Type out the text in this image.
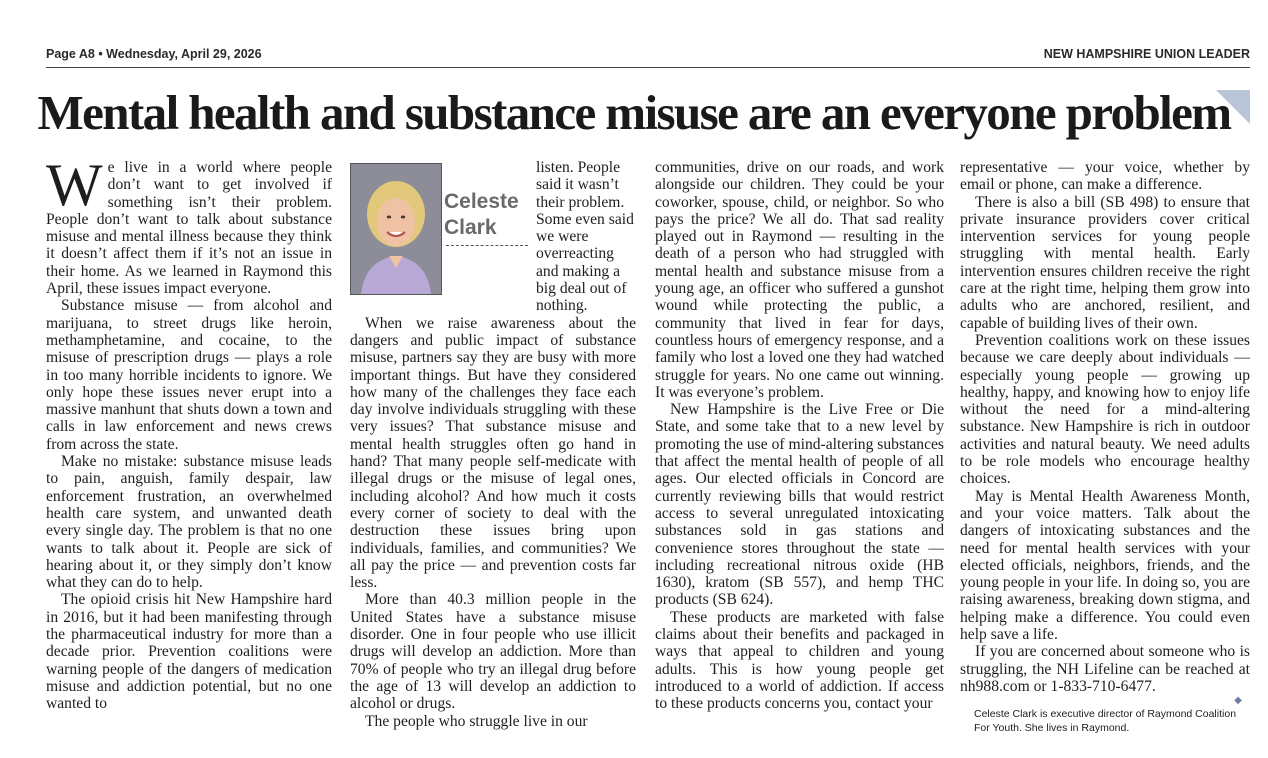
Page A8 • Wednesday, April 29, 2026	NEW HAMPSHIRE UNION LEADER
Mental health and substance misuse are an everyone problem

We live in a world where people don’t want to get involved if something isn’t their problem. People don’t want to talk about substance misuse and mental illness because they think it doesn’t affect them if it’s not an issue in their home. As we learned in Raymond this April, these issues impact everyone.

Substance misuse — from alcohol and marijuana, to street drugs like heroin, methamphetamine, and cocaine, to the misuse of prescription drugs — plays a role in too many horrible incidents to ignore. We only hope these issues never erupt into a massive manhunt that shuts down a town and calls in law enforcement and news crews from across the state.

Make no mistake: substance misuse leads to pain, anguish, family despair, law enforcement frustration, an overwhelmed health care system, and unwanted death every single day. The problem is that no one wants to talk about it. People are sick of hearing about it, or they simply don’t know what they can do to help.

The opioid crisis hit New Hampshire hard in 2016, but it had been manifesting through the pharmaceutical industry for more than a decade prior. Prevention coalitions were warning people of the dangers of medication misuse and addiction potential, but no one wanted to

Celeste
Clark

listen. People said it wasn’t their problem. Some even said we were overreacting and making a big deal out of nothing.

When we raise awareness about the dangers and public impact of substance misuse, partners say they are busy with more important things. But have they considered how many of the challenges they face each day involve individuals struggling with these very issues? That substance misuse and mental health struggles often go hand in hand? That many people self-medicate with illegal drugs or the misuse of legal ones, including alcohol? And how much it costs every corner of society to deal with the destruction these issues bring upon individuals, families, and communities? We all pay the price — and prevention costs far less.

More than 40.3 million people in the United States have a substance misuse disorder. One in four people who use illicit drugs will develop an addiction. More than 70% of people who try an illegal drug before the age of 13 will develop an addiction to alcohol or drugs.

The people who struggle live in our

communities, drive on our roads, and work alongside our children. They could be your coworker, spouse, child, or neighbor. So who pays the price? We all do. That sad reality played out in Raymond — resulting in the death of a person who had struggled with mental health and substance misuse from a young age, an officer who suffered a gunshot wound while protecting the public, a community that lived in fear for days, countless hours of emergency response, and a family who lost a loved one they had watched struggle for years. No one came out winning. It was everyone’s problem.

New Hampshire is the Live Free or Die State, and some take that to a new level by promoting the use of mind-altering substances that affect the mental health of people of all ages. Our elected officials in Concord are currently reviewing bills that would restrict access to several unregulated intoxicating substances sold in gas stations and convenience stores throughout the state — including recreational nitrous oxide (HB 1630), kratom (SB 557), and hemp THC products (SB 624).

These products are marketed with false claims about their benefits and packaged in ways that appeal to children and young adults. This is how young people get introduced to a world of addiction. If access to these products concerns you, contact your

representative — your voice, whether by email or phone, can make a difference.

There is also a bill (SB 498) to ensure that private insurance providers cover critical intervention services for young people struggling with mental health. Early intervention ensures children receive the right care at the right time, helping them grow into adults who are anchored, resilient, and capable of building lives of their own.

Prevention coalitions work on these issues because we care deeply about individuals — especially young people — growing up healthy, happy, and knowing how to enjoy life without the need for a mind-altering substance. New Hampshire is rich in outdoor activities and natural beauty. We need adults to be role models who encourage healthy choices.

May is Mental Health Awareness Month, and your voice matters. Talk about the dangers of intoxicating substances and the need for mental health services with your elected officials, neighbors, friends, and the young people in your life. In doing so, you are raising awareness, breaking down stigma, and helping make a difference. You could even help save a life.

If you are concerned about someone who is struggling, the NH Lifeline can be reached at nh988.com or 1-833-710-6477.

◆
Celeste Clark is executive director of Raymond Coalition For Youth. She lives in Raymond.
